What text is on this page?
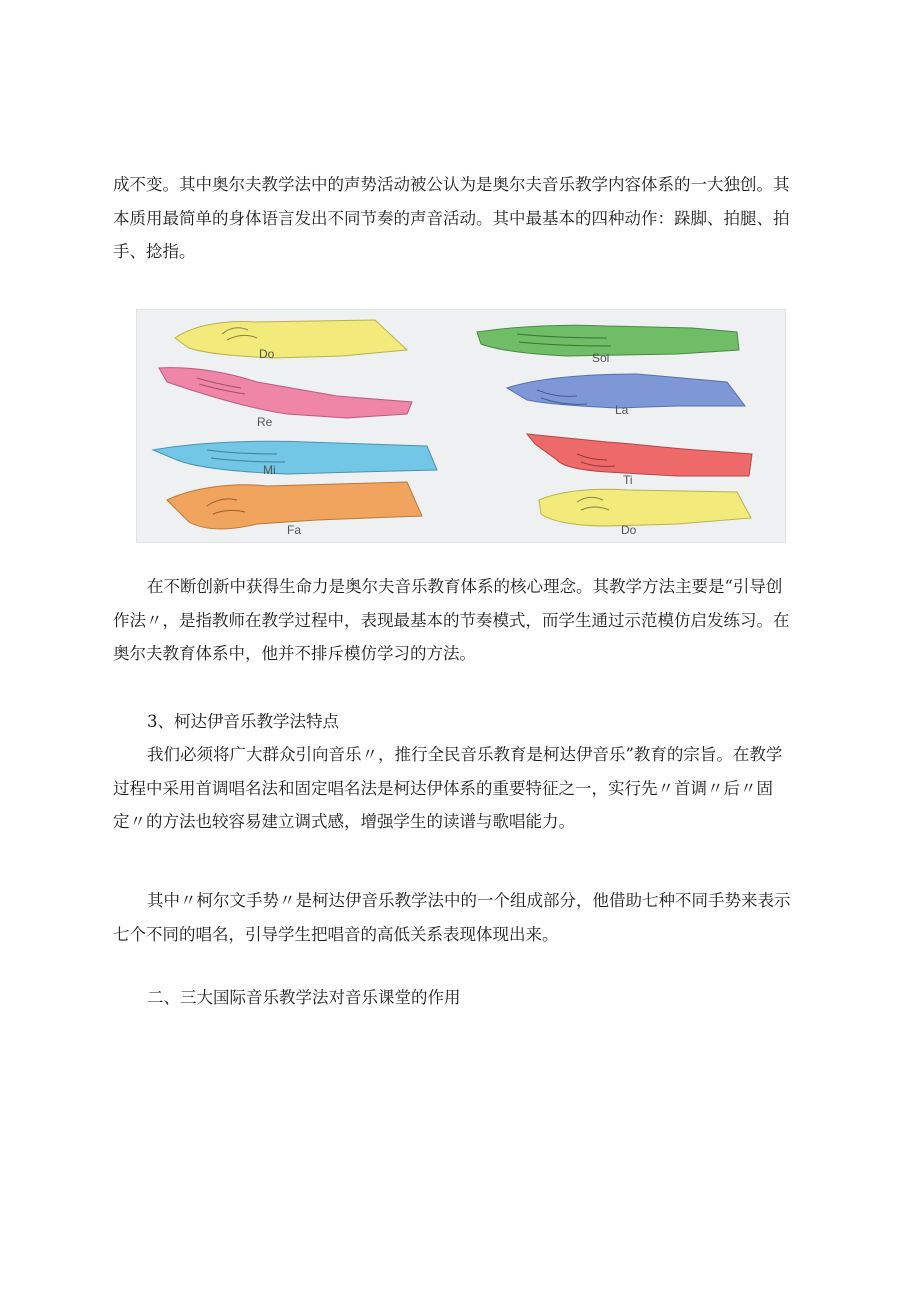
成不变。其中奥尔夫教学法中的声势活动被公认为是奥尔夫音乐教学内容体系的一大独创。其
本质用最简单的身体语言发出不同节奏的声音活动。其中最基本的四种动作：跺脚、拍腿、拍
手、捻指。
Do
Re
Mi
Fa
Sol
La
Ti
Do
在不断创新中获得生命力是奥尔夫音乐教育体系的核心理念。其教学方法主要是“引导创
作法〃，是指教师在教学过程中，表现最基本的节奏模式，而学生通过示范模仿启发练习。在
奥尔夫教育体系中，他并不排斥模仿学习的方法。
3、柯达伊音乐教学法特点
我们必须将广大群众引向音乐〃，推行全民音乐教育是柯达伊音乐”教育的宗旨。在教学
过程中采用首调唱名法和固定唱名法是柯达伊体系的重要特征之一，实行先〃首调〃后〃固
定〃的方法也较容易建立调式感，增强学生的读谱与歌唱能力。
其中〃柯尔文手势〃是柯达伊音乐教学法中的一个组成部分，他借助七种不同手势来表示
七个不同的唱名，引导学生把唱音的高低关系表现体现出来。
二、三大国际音乐教学法对音乐课堂的作用
